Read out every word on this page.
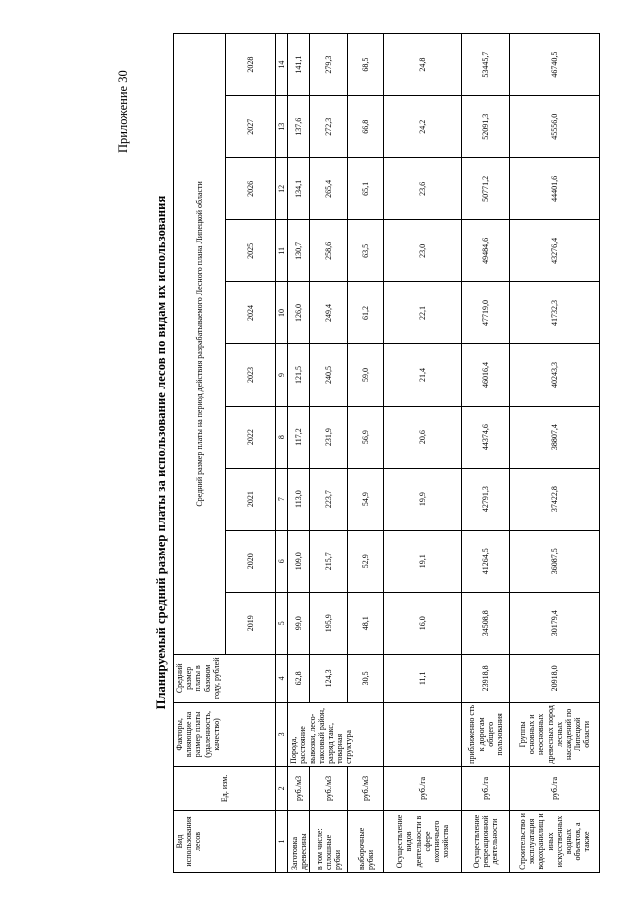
Приложение 30
Планируемый средний размер платы за использование лесов по видам их использования
Вид использования лесов	Ед. изм.	Факторы, влияющие на размер платы (удаленность, качество)	Средний размер платы в базовом году, рублей	Средний размер платы на период действия разрабатываемого Лесного плана Липецкой области									
				2019	2020	2021	2022	2023	2024	2025	2026	2027	2028
1	2	3	4	5	6	7	8	9	10	11	12	13	14
Заготовка древесины	руб./м3	Порода, расстояние вывозки, лесо-таксовый район, разряд такс, товарная структура	62,8	99,0	109,0	113,0	117,2	121,5	126,0	130,7	134,1	137,6	141,1
в том числе: сплошные рубки	руб./м3		124,3	195,9	215,7	223,7	231,9	240,5	249,4	258,6	265,4	272,3	279,3
выборочные рубки	руб./м3		30,5	48,1	52,9	54,9	56,9	59,0	61,2	63,5	65,1	66,8	68,5
Осуществление видов деятельности в сфере охотничьего хозяйства	руб./га		11,1	16,0	19,1	19,9	20,6	21,4	22,1	23,0	23,6	24,2	24,8
Осуществление рекреационной деятельности	руб./га	приближенно сть к дорогам общего пользования	23918,8	34508,8	41264,5	42791,3	44374,6	46016,4	47719,0	49484,6	50771,2	52091,3	53445,7
Строительство и эксплуатация водохранилищ и иных искусственных водных объектов, а также	руб./га	Группы основных и неосновных древесных пород лесных насаждений по Липецкой области	20918,0	30179,4	36087,5	37422,8	38807,4	40243,3	41732,3	43276,4	44401,6	45556,0	46740,5
